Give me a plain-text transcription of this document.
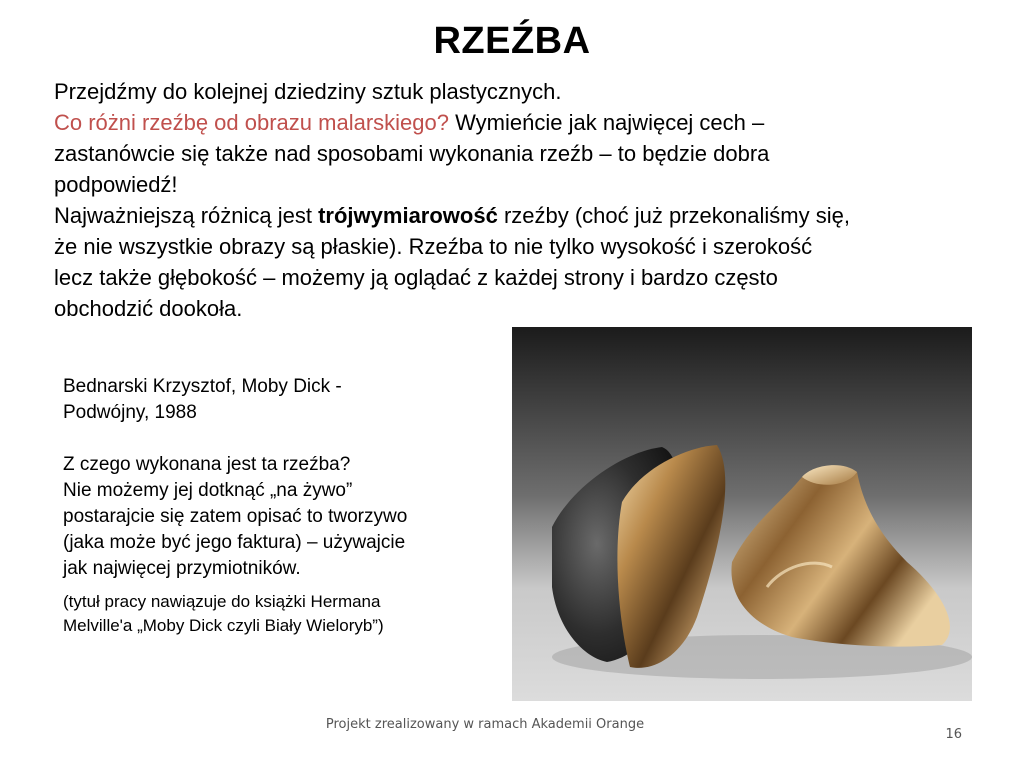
RZEŹBA
Przejdźmy do kolejnej dziedziny sztuk plastycznych.
Co różni rzeźbę od obrazu malarskiego? Wymieńcie jak najwięcej cech –
zastanówcie się także nad sposobami wykonania rzeźb – to będzie dobra
podpowiedź!
Najważniejszą różnicą jest trójwymiarowość rzeźby (choć już przekonaliśmy się,
że nie wszystkie obrazy są płaskie). Rzeźba to nie tylko wysokość i szerokość
lecz także głębokość – możemy ją oglądać z każdej strony i bardzo często
obchodzić dookoła.
Bednarski Krzysztof, Moby Dick -
Podwójny, 1988
Z czego wykonana jest ta rzeźba?
Nie możemy jej dotknąć „na żywo”
postarajcie się zatem opisać to tworzywo
(jaka może być jego faktura) – używajcie
jak najwięcej przymiotników.
(tytuł pracy nawiązuje do książki Hermana
Melville'a „Moby Dick czyli Biały Wieloryb”)
Projekt zrealizowany w ramach Akademii Orange
16
